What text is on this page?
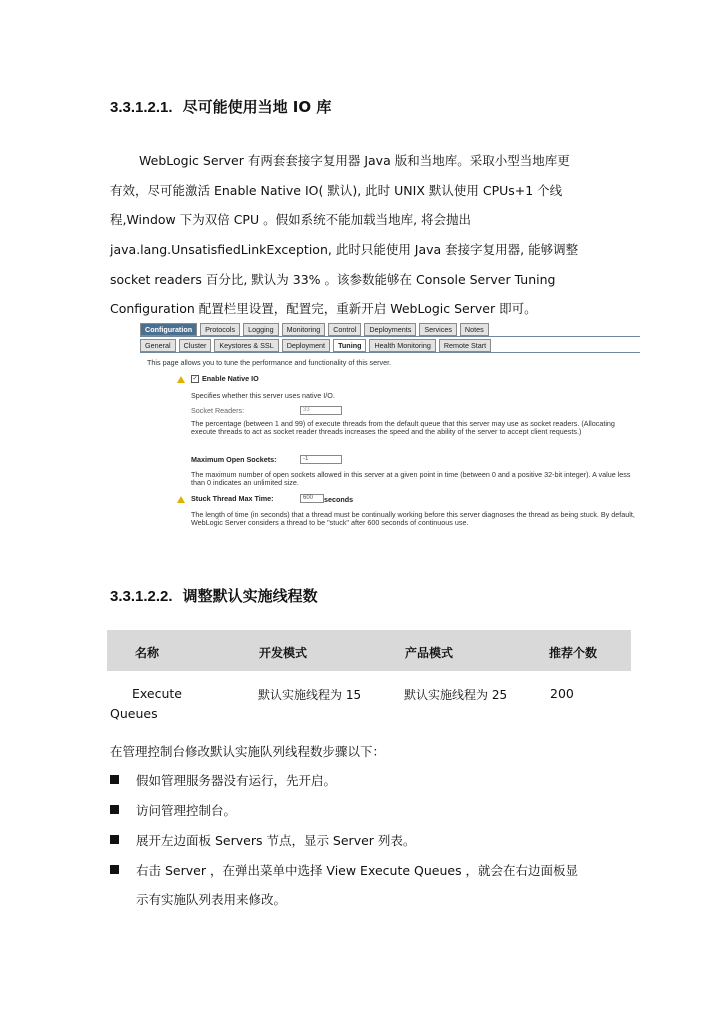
3.3.1.2.1. 尽可能使用当地 IO 库
WebLogic Server 有两套套接字复用器 Java 版和当地库。采取小型当地库更
有效，尽可能激活 Enable Native IO( 默认), 此时 UNIX 默认使用 CPUs+1 个线
程,Window 下为双倍 CPU 。假如系统不能加载当地库, 将会抛出
java.lang.UnsatisfiedLinkException, 此时只能使用 Java 套接字复用器, 能够调整
socket readers 百分比, 默认为 33% 。该参数能够在 Console Server Tuning
Configuration 配置栏里设置，配置完，重新开启 WebLogic Server 即可。
Configuration	Protocols	Logging	Monitoring	Control	Deployments	Services	Notes
General	Cluster	Keystores & SSL	Deployment	Tuning	Health Monitoring	Remote Start
This page allows you to tune the performance and functionality of this server.
✓ Enable Native IO
Specifies whether this server uses native I/O.
Socket Readers:	33
The percentage (between 1 and 99) of execute threads from the default queue that this server may use as socket readers. (Allocating execute threads to act as socket reader threads increases the speed and the ability of the server to accept client requests.)
Maximum Open Sockets:	-1
The maximum number of open sockets allowed in this server at a given point in time (between 0 and a positive 32-bit integer). A value less than 0 indicates an unlimited size.
Stuck Thread Max Time:	600	seconds
The length of time (in seconds) that a thread must be continually working before this server diagnoses the thread as being stuck. By default, WebLogic Server considers a thread to be "stuck" after 600 seconds of continuous use.
3.3.1.2.2. 调整默认实施线程数
名称	开发模式	产品模式	推荐个数
Execute
Queues
默认实施线程为 15	默认实施线程为 25	200
在管理控制台修改默认实施队列线程数步骤以下：
假如管理服务器没有运行，先开启。
访问管理控制台。
展开左边面板 Servers 节点，显示 Server 列表。
右击 Server ，在弹出菜单中选择 View Execute Queues ，就会在右边面板显
示有实施队列表用来修改。
